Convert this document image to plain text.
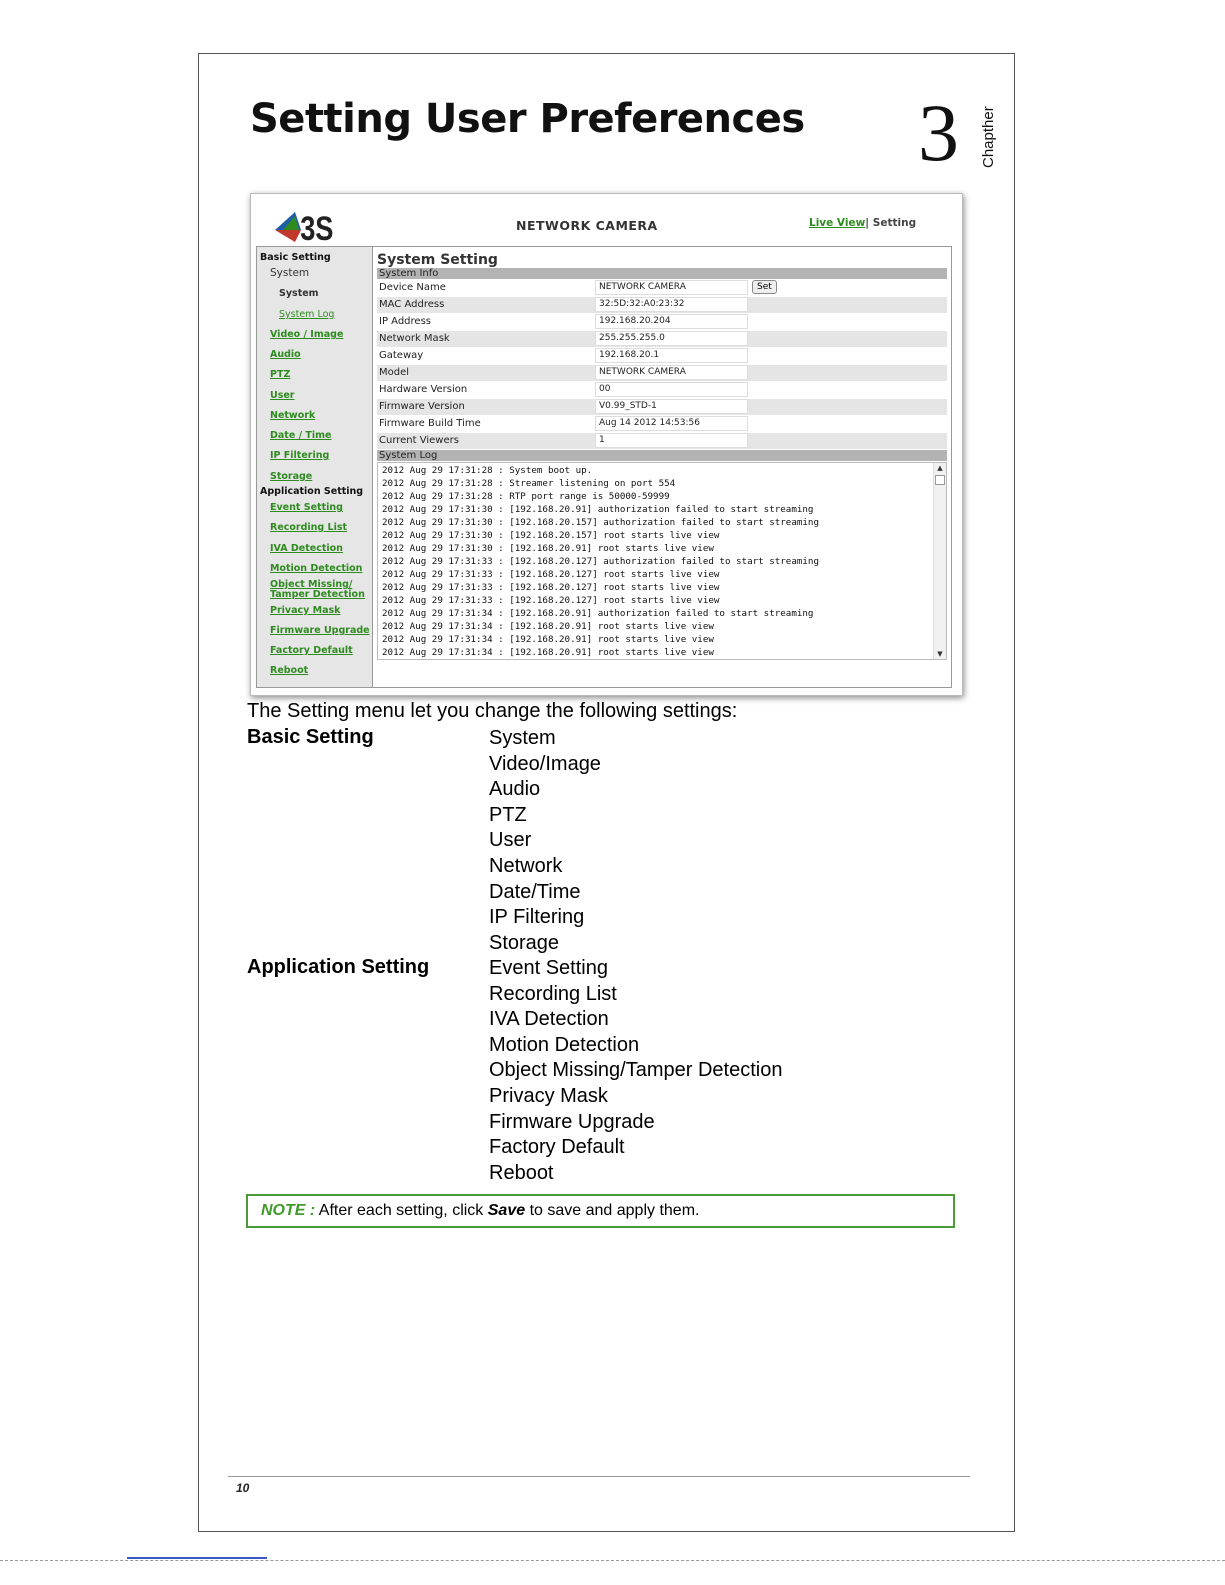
Setting User Preferences 3 Chapther
3S	NETWORK CAMERA	Live View| Setting
Basic Setting
System
System
System Log
Video / Image
Audio
PTZ
User
Network
Date / Time
IP Filtering
Storage
Application Setting
Event Setting
Recording List
IVA Detection
Motion Detection
Object Missing/
Tamper Detection
Privacy Mask
Firmware Upgrade
Factory Default
Reboot
System Setting
System Info
Device Name	NETWORK CAMERA	Set
MAC Address	32:5D:32:A0:23:32
IP Address	192.168.20.204
Network Mask	255.255.255.0
Gateway	192.168.20.1
Model	NETWORK CAMERA
Hardware Version	00
Firmware Version	V0.99_STD-1
Firmware Build Time	Aug 14 2012 14:53:56
Current Viewers	1
System Log
2012 Aug 29 17:31:28 : System boot up.
2012 Aug 29 17:31:28 : Streamer listening on port 554
2012 Aug 29 17:31:28 : RTP port range is 50000-59999
2012 Aug 29 17:31:30 : [192.168.20.91] authorization failed to start streaming
2012 Aug 29 17:31:30 : [192.168.20.157] authorization failed to start streaming
2012 Aug 29 17:31:30 : [192.168.20.157] root starts live view
2012 Aug 29 17:31:30 : [192.168.20.91] root starts live view
2012 Aug 29 17:31:33 : [192.168.20.127] authorization failed to start streaming
2012 Aug 29 17:31:33 : [192.168.20.127] root starts live view
2012 Aug 29 17:31:33 : [192.168.20.127] root starts live view
2012 Aug 29 17:31:33 : [192.168.20.127] root starts live view
2012 Aug 29 17:31:34 : [192.168.20.91] authorization failed to start streaming
2012 Aug 29 17:31:34 : [192.168.20.91] root starts live view
2012 Aug 29 17:31:34 : [192.168.20.91] root starts live view
2012 Aug 29 17:31:34 : [192.168.20.91] root starts live view
▲
▼
The Setting menu let you change the following settings:
Basic Setting	System
Video/Image
Audio
PTZ
User
Network
Date/Time
IP Filtering
Storage
Application Setting	Event Setting
Recording List
IVA Detection
Motion Detection
Object Missing/Tamper Detection
Privacy Mask
Firmware Upgrade
Factory Default
Reboot
NOTE : After each setting, click Save to save and apply them.
10
